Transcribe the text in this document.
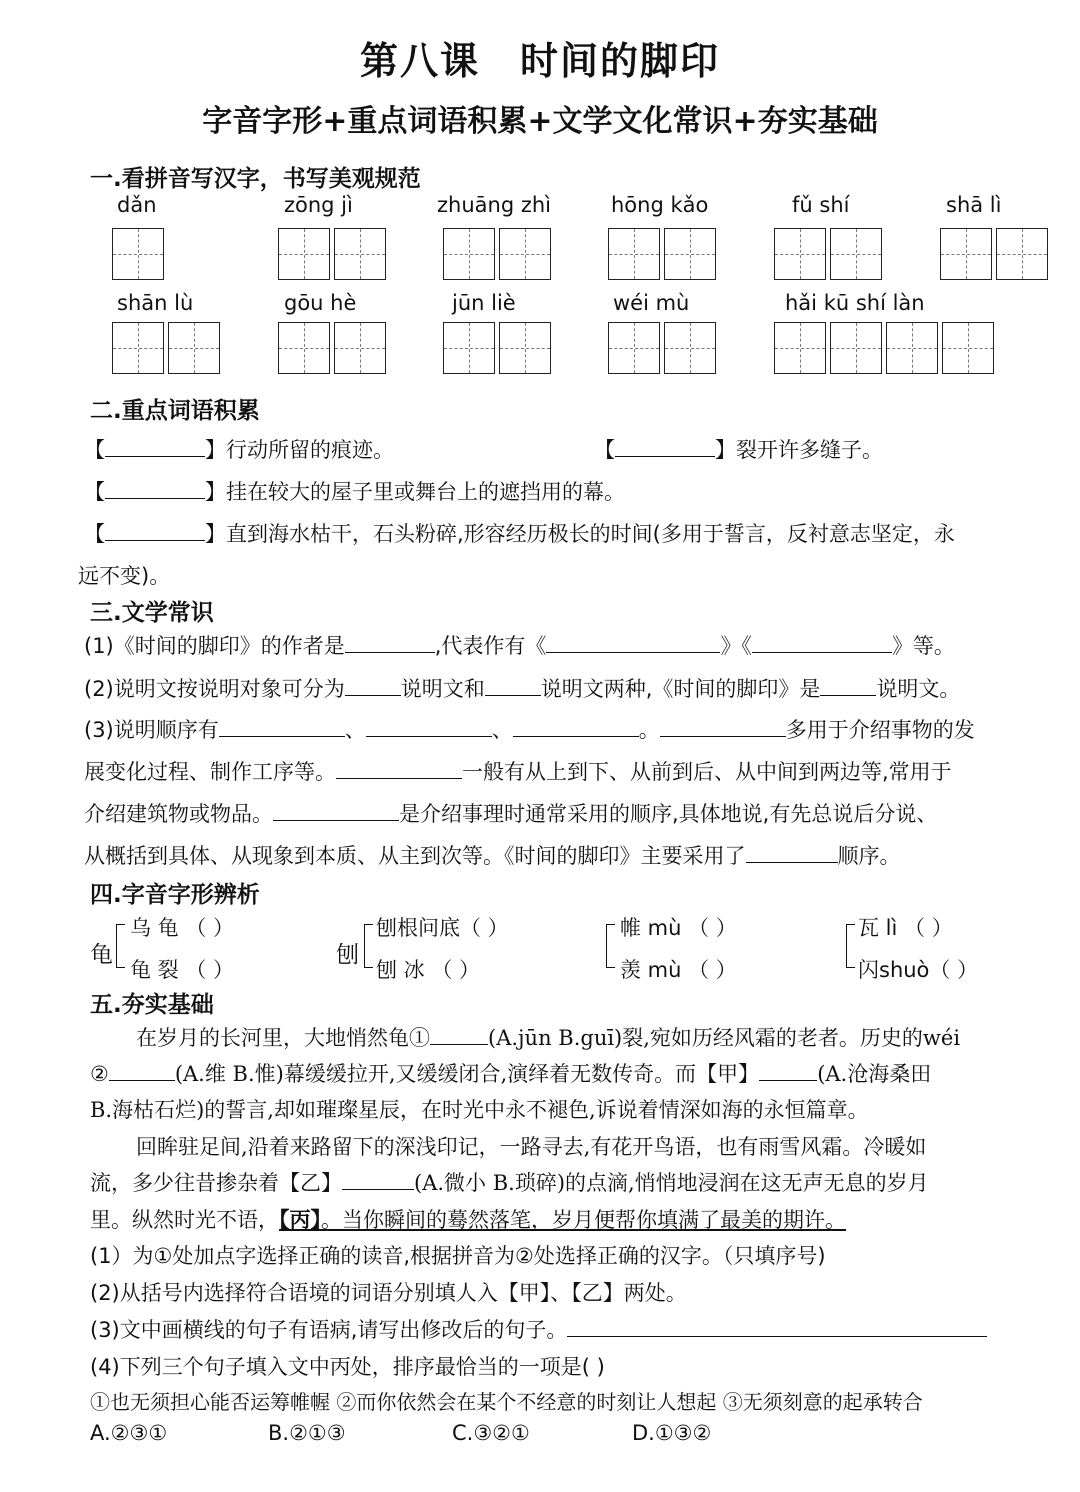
第八课　时间的脚印
字音字形+重点词语积累+文学文化常识+夯实基础
一.看拼音写汉字，书写美观规范
dǎn	zōng jì	zhuāng zhì	hōng kǎo	fǔ shí	shā lì
shān lù	gōu hè	jūn liè	wéi mù	hǎi kū shí làn
二.重点词语积累
【	】行动所留的痕迹。	【	】裂开许多缝子。
【	】挂在较大的屋子里或舞台上的遮挡用的幕。
【	】直到海水枯干，石头粉碎,形容经历极长的时间(多用于誓言，反衬意志坚定，永
远不变)。
三.文学常识
(1)《时间的脚印》的作者是	,代表作有《	》《	》等。
(2)说明文按说明对象可分为	说明文和	说明文两种,《时间的脚印》是	说明文。
(3)说明顺序有	、	、	。	多用于介绍事物的发
展变化过程、制作工序等。	一般有从上到下、从前到后、从中间到两边等,常用于
介绍建筑物或物品。	是介绍事理时通常采用的顺序,具体地说,有先总说后分说、
从概括到具体、从现象到本质、从主到次等。《时间的脚印》主要采用了	顺序。
四.字音字形辨析
龟
乌 龟 （ ）
龟 裂 （ ）
刨
刨根问底（ ）
刨 冰 （ ）
帷 mù （ ）
羡 mù （ ）
瓦 lì （ ）
闪shuò（ ）
五.夯实基础
在岁月的长河里，大地悄然龟①	(A.jūn B.guī)裂,宛如历经风霜的老者。历史的wéi
②	(A.维 B.惟)幕缓缓拉开,又缓缓闭合,演绎着无数传奇。而【甲】	(A.沧海桑田
B.海枯石烂)的誓言,却如璀璨星辰，在时光中永不褪色,诉说着情深如海的永恒篇章。
回眸驻足间,沿着来路留下的深浅印记，一路寻去,有花开鸟语，也有雨雪风霜。冷暖如
流，多少往昔掺杂着【乙】	(A.微小 B.琐碎)的点滴,悄悄地浸润在这无声无息的岁月
里。纵然时光不语，【丙】。当你瞬间的蓦然落笔，岁月便帮你填满了最美的期许。
(1）为①处加点字选择正确的读音,根据拼音为②处选择正确的汉字。（只填序号)
(2)从括号内选择符合语境的词语分别填人入【甲】、【乙】两处。
(3)文中画横线的句子有语病,请写出修改后的句子。
(4)下列三个句子填入文中丙处，排序最恰当的一项是( )
①也无须担心能否运筹帷幄 ②而你依然会在某个不经意的时刻让人想起 ③无须刻意的起承转合
A.②③①	B.②①③	C.③②①	D.①③②
